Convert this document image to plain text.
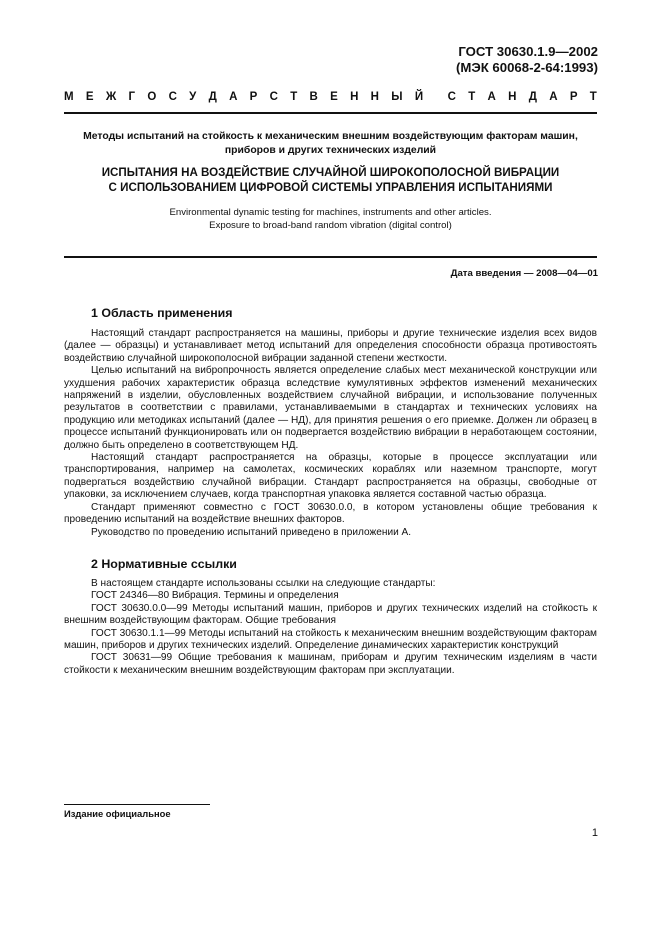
ГОСТ 30630.1.9—2002
(МЭК 60068-2-64:1993)
М Е Ж Г О С У Д А Р С Т В Е Н Н Ы Й С Т А Н Д А Р Т
Методы испытаний на стойкость к механическим внешним воздействующим факторам машин,
приборов и других технических изделий
ИСПЫТАНИЯ НА ВОЗДЕЙСТВИЕ СЛУЧАЙНОЙ ШИРОКОПОЛОСНОЙ ВИБРАЦИИ
С ИСПОЛЬЗОВАНИЕМ ЦИФРОВОЙ СИСТЕМЫ УПРАВЛЕНИЯ ИСПЫТАНИЯМИ
Environmental dynamic testing for machines, instruments and other articles.
Exposure to broad-band random vibration (digital control)
Дата введения — 2008—04—01
1 Область применения

Настоящий стандарт распространяется на машины, приборы и другие технические изделия всех видов (далее — образцы) и устанавливает метод испытаний для определения способности образца противостоять воздействию случайной широкополосной вибрации заданной степени жесткости.

Целью испытаний на вибропрочность является определение слабых мест механической конструкции или ухудшения рабочих характеристик образца вследствие кумулятивных эффектов изменений механических напряжений в изделии, обусловленных воздействием случайной вибрации, и использование полученных результатов в соответствии с правилами, устанавливаемыми в стандартах и технических условиях на продукцию или методиках испытаний (далее — НД), для принятия решения о его приемке. Должен ли образец в процессе испытаний функционировать или он подвергается воздействию вибрации в неработающем состоянии, должно быть определено в соответствующем НД.

Настоящий стандарт распространяется на образцы, которые в процессе эксплуатации или транспортирования, например на самолетах, космических кораблях или наземном транспорте, могут подвергаться воздействию случайной вибрации. Стандарт распространяется на образцы, свободные от упаковки, за исключением случаев, когда транспортная упаковка является составной частью образца.

Стандарт применяют совместно с ГОСТ 30630.0.0, в котором установлены общие требования к проведению испытаний на воздействие внешних факторов.

Руководство по проведению испытаний приведено в приложении А.

2 Нормативные ссылки

В настоящем стандарте использованы ссылки на следующие стандарты:

ГОСТ 24346—80 Вибрация. Термины и определения

ГОСТ 30630.0.0—99 Методы испытаний машин, приборов и других технических изделий на стойкость к внешним воздействующим факторам. Общие требования

ГОСТ 30630.1.1—99 Методы испытаний на стойкость к механическим внешним воздействующим факторам машин, приборов и других технических изделий. Определение динамических характеристик конструкций

ГОСТ 30631—99 Общие требования к машинам, приборам и другим техническим изделиям в части стойкости к механическим внешним воздействующим факторам при эксплуатации.

Издание официальное
1
